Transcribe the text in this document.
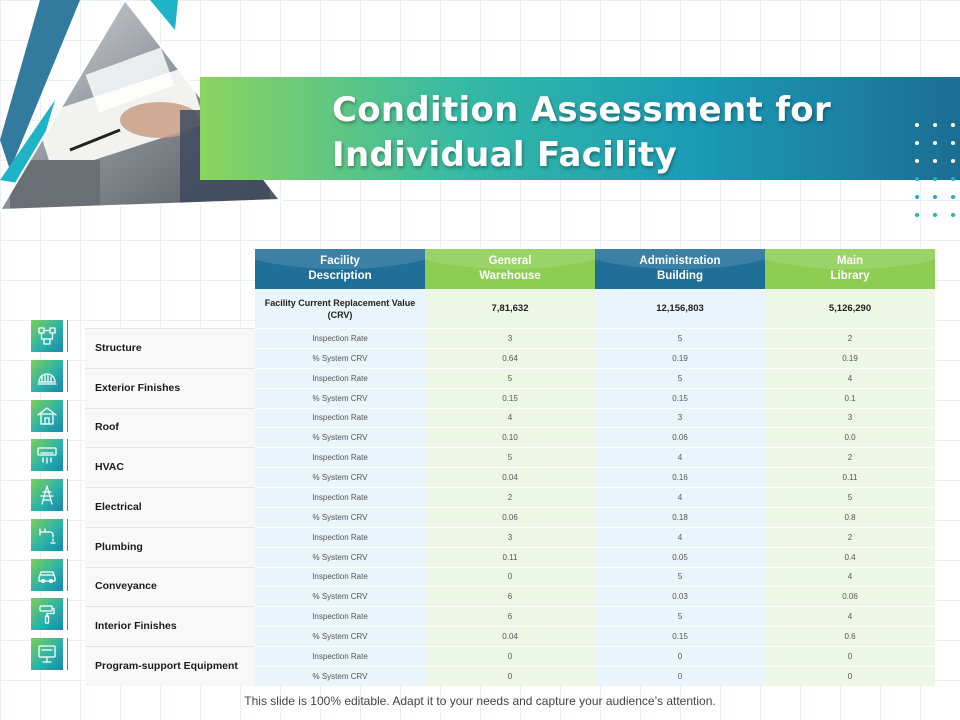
Condition Assessment for Individual Facility
Facility
Description
General
Warehouse
Administration
Building
Main
Library
Facility Current Replacement Value (CRV)
7,81,632	12,156,803	5,126,290
Structure
Inspection Rate
% System CRV
3
0.64
5
0.19
2
0.19
Exterior Finishes
Inspection Rate
% System CRV
5
0.15
5
0.15
4
0.1
Roof
Inspection Rate
% System CRV
4
0.10
3
0.06
3
0.0
HVAC
Inspection Rate
% System CRV
5
0.04
4
0.16
2
0.11
Electrical
Inspection Rate
% System CRV
2
0.06
4
0.18
5
0.8
Plumbing
Inspection Rate
% System CRV
3
0.11
4
0.05
2
0.4
Conveyance
Inspection Rate
% System CRV
0
6
5
0.03
4
0.06
Interior Finishes
Inspection Rate
% System CRV
6
0.04
5
0.15
4
0.6
Program-support Equipment
Inspection Rate
% System CRV
0
0
0
0
0
0
This slide is 100% editable. Adapt it to your needs and capture your audience’s attention.
